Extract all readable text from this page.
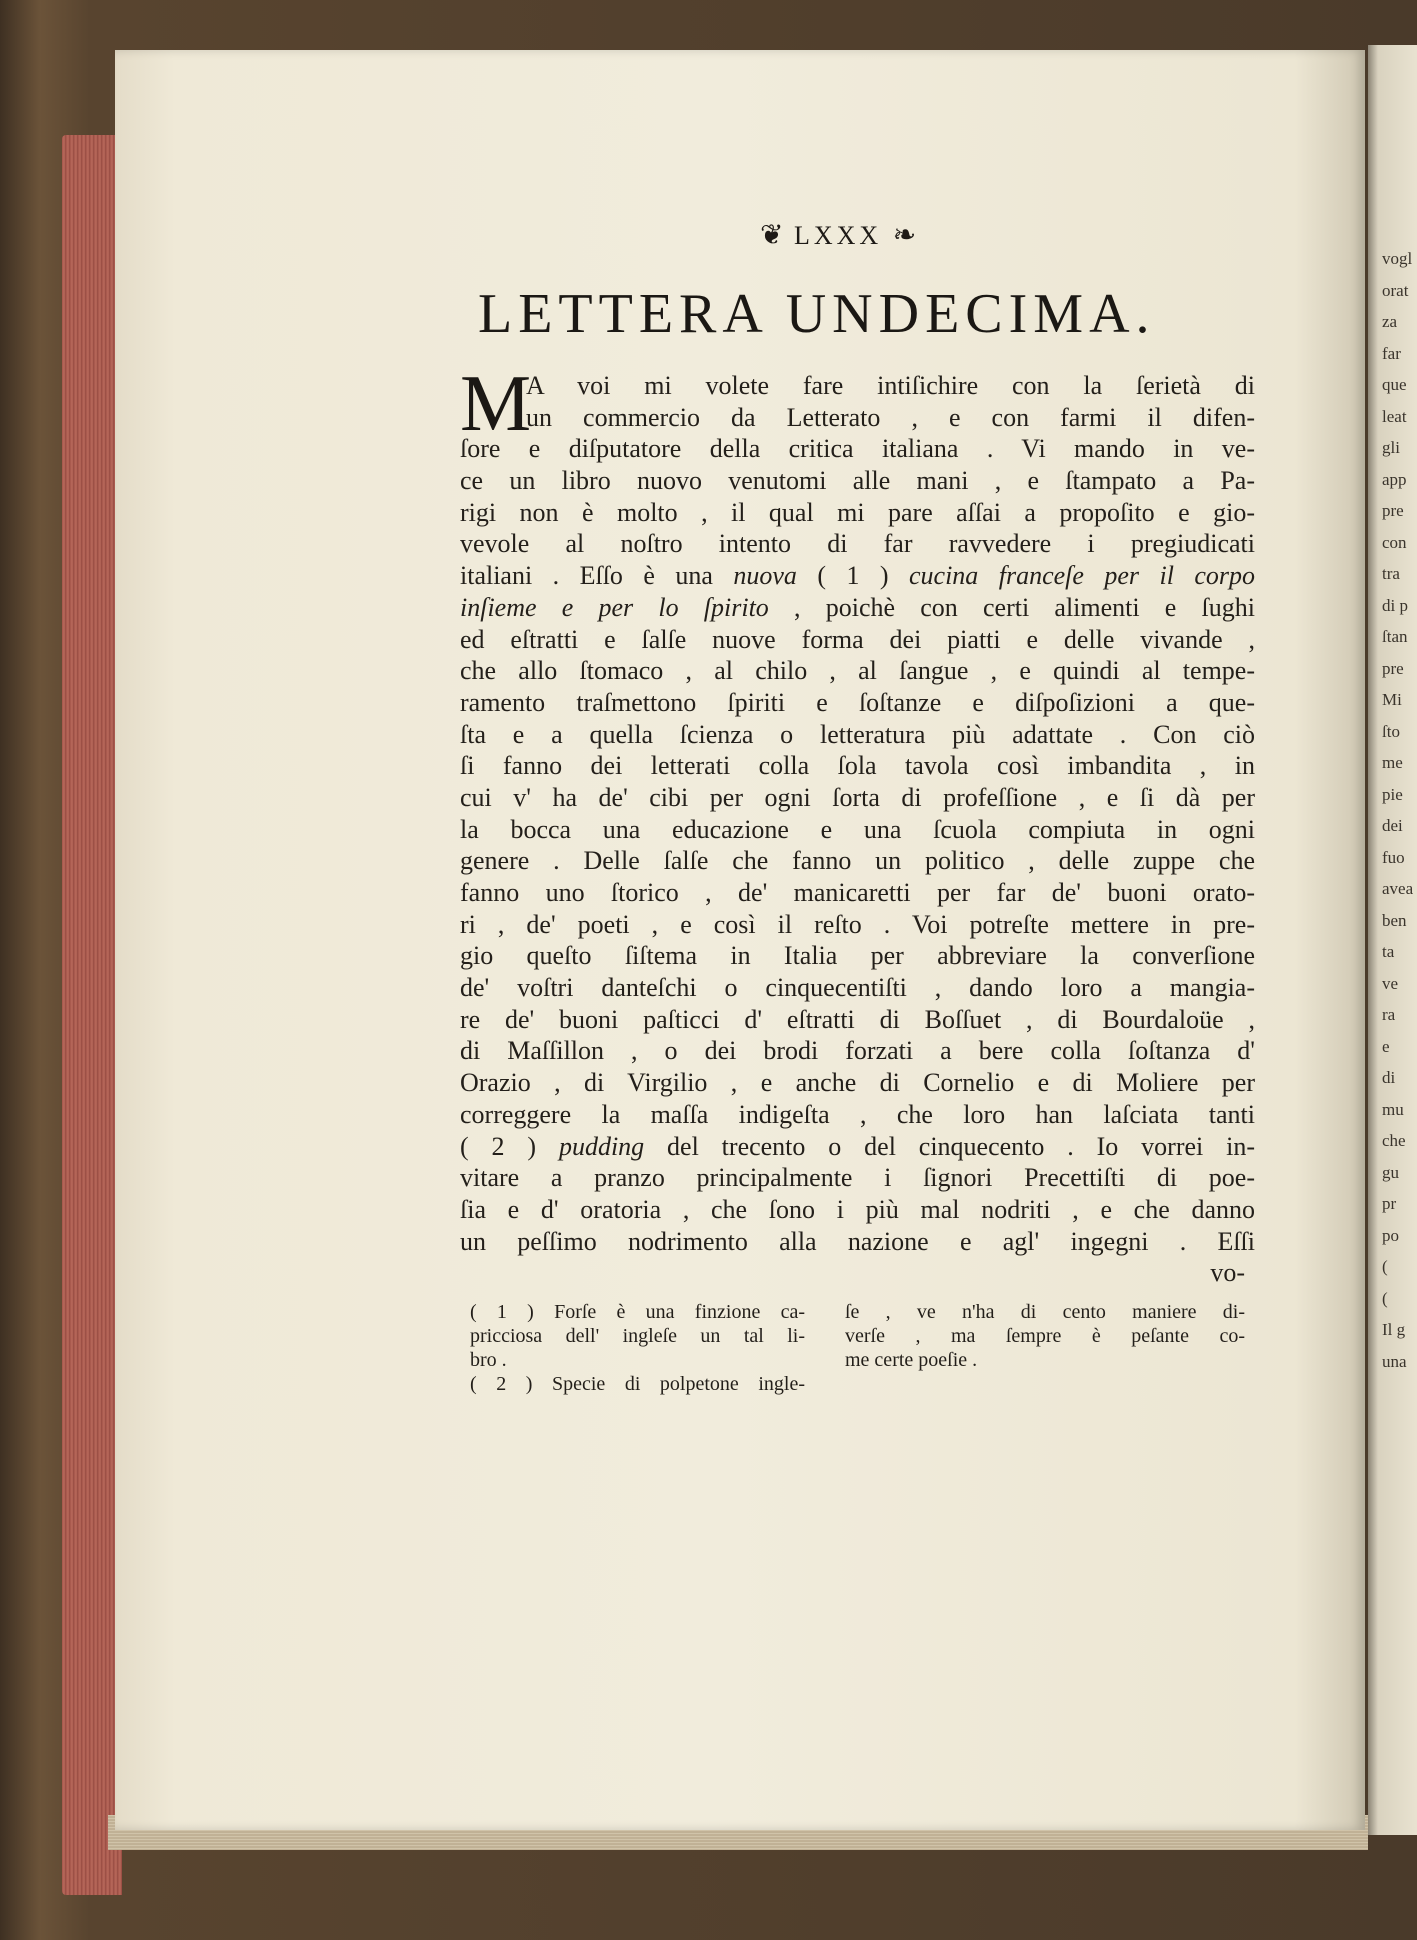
vogl
orat
za
far
que
leat
gli
app
pre
con
tra
di p
ſtan
pre
Mi
ſto
me
pie
dei
fuo
avea
ben
ta
ve
ra
e
di
mu
che
gu
pr
po
(
(
Il g
una
❦ LXXX ❧
LETTERA UNDECIMA.
M
A voi mi volete fare intiſichire con la ſerietà di
un commercio da Letterato , e con farmi il difen-
ſore e diſputatore della critica italiana . Vi mando in ve-
ce un libro nuovo venutomi alle mani , e ſtampato a Pa-
rigi non è molto , il qual mi pare aſſai a propoſito e gio-
vevole al noſtro intento di far ravvedere i pregiudicati
italiani . Eſſo è una nuova ( 1 ) cucina franceſe per il corpo
inſieme e per lo ſpirito , poichè con certi alimenti e ſughi
ed eſtratti e ſalſe nuove forma dei piatti e delle vivande ,
che allo ſtomaco , al chilo , al ſangue , e quindi al tempe-
ramento traſmettono ſpiriti e ſoſtanze e diſpoſizioni a que-
ſta e a quella ſcienza o letteratura più adattate . Con ciò
ſi fanno dei letterati colla ſola tavola così imbandita , in
cui v' ha de' cibi per ogni ſorta di profeſſione , e ſi dà per
la bocca una educazione e una ſcuola compiuta in ogni
genere . Delle ſalſe che fanno un politico , delle zuppe che
fanno uno ſtorico , de' manicaretti per far de' buoni orato-
ri , de' poeti , e così il reſto . Voi potreſte mettere in pre-
gio queſto ſiſtema in Italia per abbreviare la converſione
de' voſtri danteſchi o cinquecentiſti , dando loro a mangia-
re de' buoni paſticci d' eſtratti di Boſſuet , di Bourdaloüe ,
di Maſſillon , o dei brodi forzati a bere colla ſoſtanza d'
Orazio , di Virgilio , e anche di Cornelio e di Moliere per
correggere la maſſa indigeſta , che loro han laſciata tanti
( 2 ) pudding del trecento o del cinquecento . Io vorrei in-
vitare a pranzo principalmente i ſignori Precettiſti di poe-
ſia e d' oratoria , che ſono i più mal nodriti , e che danno
un peſſimo nodrimento alla nazione e agl' ingegni . Eſſi
vo-
( 1 ) Forſe è una finzione ca-
pricciosa dell' ingleſe un tal li-
bro .
( 2 ) Specie di polpetone ingle-
ſe , ve n'ha di cento maniere di-
verſe , ma ſempre è peſante co-
me certe poeſie .
